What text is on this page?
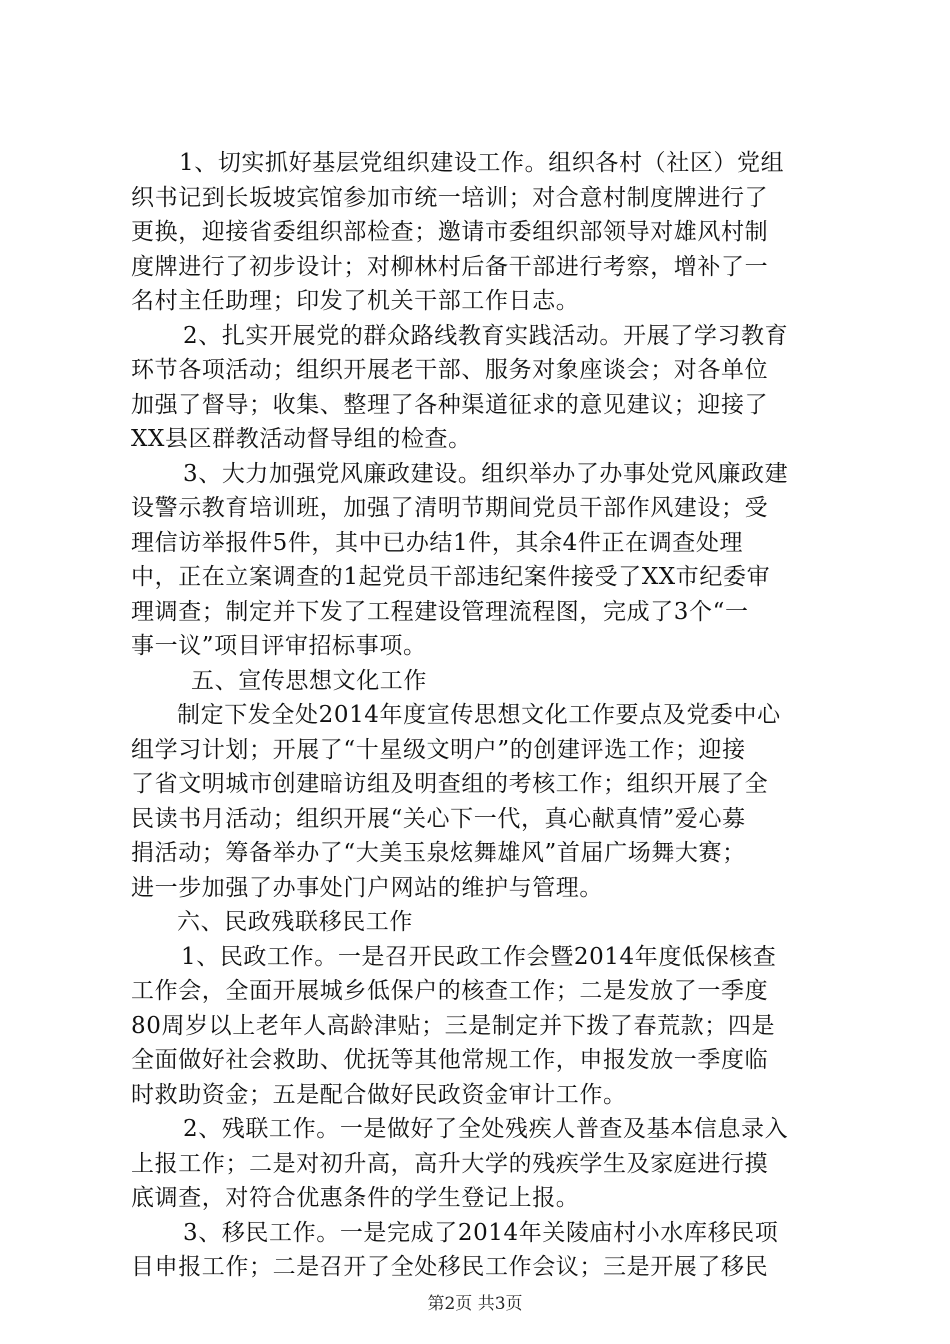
1、切实抓好基层党组织建设工作。组织各村（社区）党组
织书记到长坂坡宾馆参加市统一培训；对合意村制度牌进行了
更换，迎接省委组织部检查；邀请市委组织部领导对雄风村制
度牌进行了初步设计；对柳林村后备干部进行考察，增补了一
名村主任助理；印发了机关干部工作日志。
2、扎实开展党的群众路线教育实践活动。开展了学习教育
环节各项活动；组织开展老干部、服务对象座谈会；对各单位
加强了督导；收集、整理了各种渠道征求的意见建议；迎接了
XX县区群教活动督导组的检查。
3、大力加强党风廉政建设。组织举办了办事处党风廉政建
设警示教育培训班，加强了清明节期间党员干部作风建设；受
理信访举报件5件，其中已办结1件，其余4件正在调查处理
中，正在立案调查的1起党员干部违纪案件接受了XX市纪委审
理调查；制定并下发了工程建设管理流程图，完成了3个“一
事一议”项目评审招标事项。
五、宣传思想文化工作
制定下发全处2014年度宣传思想文化工作要点及党委中心
组学习计划；开展了“十星级文明户”的创建评选工作；迎接
了省文明城市创建暗访组及明查组的考核工作；组织开展了全
民读书月活动；组织开展“关心下一代，真心献真情”爱心募
捐活动；筹备举办了“大美玉泉炫舞雄风”首届广场舞大赛；
进一步加强了办事处门户网站的维护与管理。
六、民政残联移民工作
1、民政工作。一是召开民政工作会暨2014年度低保核查
工作会，全面开展城乡低保户的核查工作；二是发放了一季度
80周岁以上老年人高龄津贴；三是制定并下拨了春荒款；四是
全面做好社会救助、优抚等其他常规工作，申报发放一季度临
时救助资金；五是配合做好民政资金审计工作。
2、残联工作。一是做好了全处残疾人普查及基本信息录入
上报工作；二是对初升高，高升大学的残疾学生及家庭进行摸
底调查，对符合优惠条件的学生登记上报。
3、移民工作。一是完成了2014年关陵庙村小水库移民项
目申报工作；二是召开了全处移民工作会议；三是开展了移民
第2页 共3页
